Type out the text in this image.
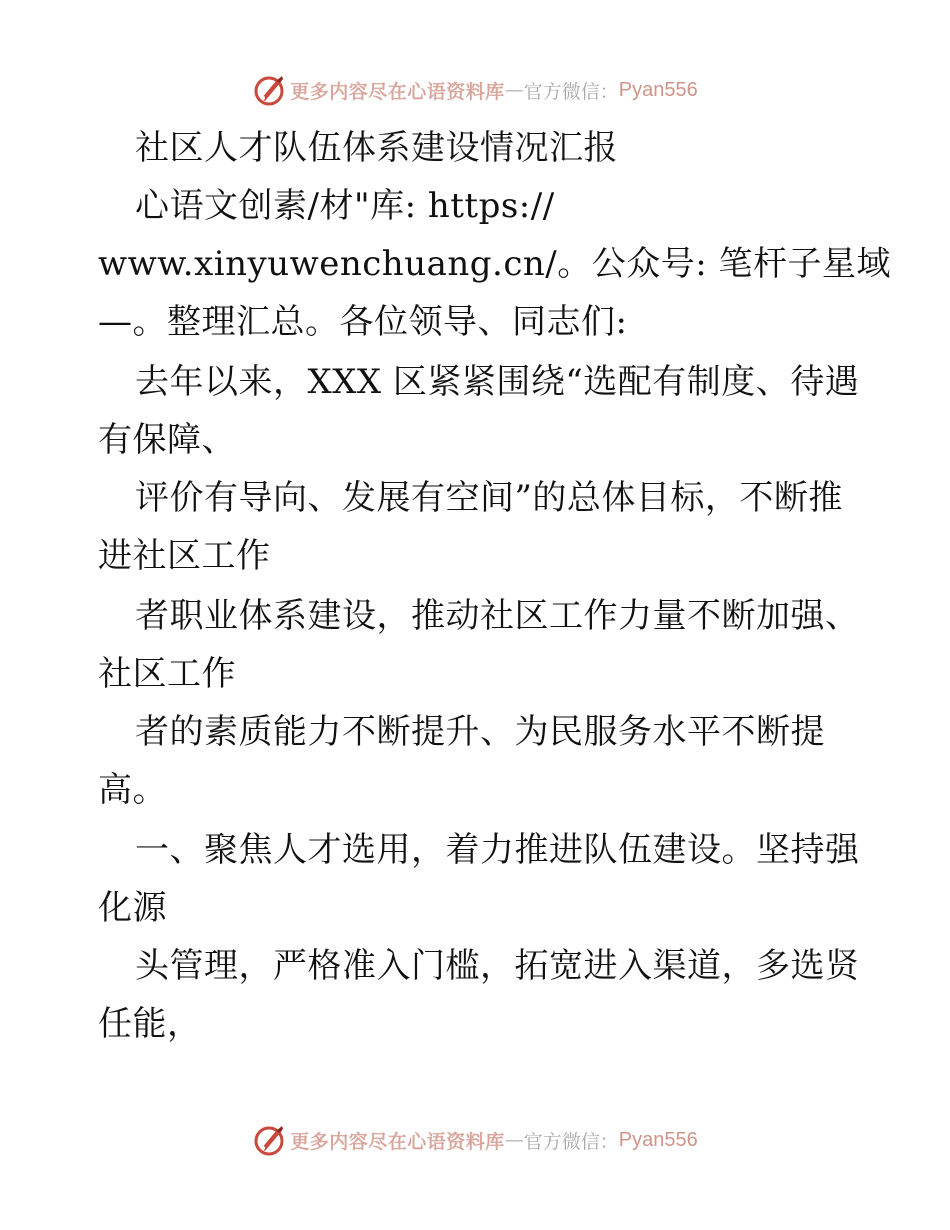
更多内容尽在心语资料库 — 官方微信： Pyan556
社区人才队伍体系建设情况汇报
心语文创素/材"库: https://
www.xinyuwenchuang.cn/。公众号: 笔杆子星域
—。整理汇总。各位领导、同志们:
去年以来，XXX 区紧紧围绕“选配有制度、待遇
有保障、
评价有导向、发展有空间”的总体目标，不断推
进社区工作
者职业体系建设，推动社区工作力量不断加强、
社区工作
者的素质能力不断提升、为民服务水平不断提
高。
一、聚焦人才选用，着力推进队伍建设。坚持强
化源
头管理，严格准入门槛，拓宽进入渠道，多选贤
任能，
更多内容尽在心语资料库 — 官方微信： Pyan556
